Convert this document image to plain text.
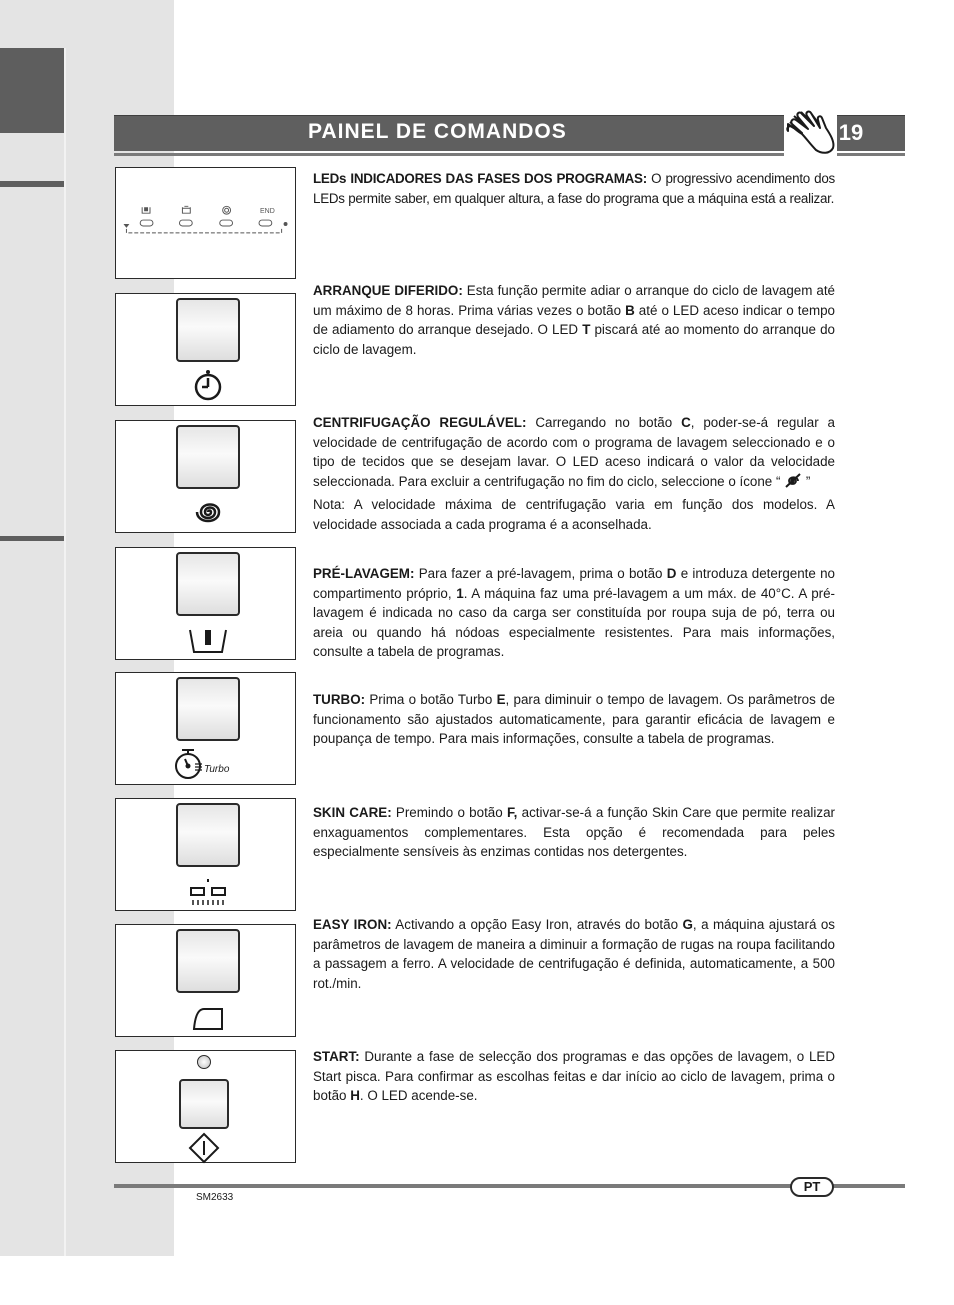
PAINEL DE COMANDOS	19
END
Turbo

LEDs INDICADORES DAS FASES DOS PROGRAMAS: O progressivo acendimento dos LEDs permite saber, em qualquer altura, a fase do programa que a máquina está a realizar.

ARRANQUE DIFERIDO: Esta função permite adiar o arranque do ciclo de lavagem até um máximo de 8 horas. Prima várias vezes o botão B até o LED aceso indicar o tempo de adiamento do arranque desejado. O LED T piscará até ao momento do arranque do ciclo de lavagem.

CENTRIFUGAÇÃO REGULÁVEL: Carregando no botão C, poder-se-á regular a velocidade de centrifugação de acordo com o programa de lavagem seleccionado e o tipo de tecidos que se desejam lavar. O LED aceso indicará o valor da velocidade seleccionada. Para excluir a centrifugação no fim do ciclo, seleccione o ícone “  ”

Nota: A velocidade máxima de centrifugação varia em função dos modelos. A velocidade associada a cada programa é a aconselhada.

PRÉ-LAVAGEM: Para fazer a pré-lavagem, prima o botão D e introduza detergente no compartimento próprio, 1. A máquina faz uma pré-lavagem a um máx. de 40°C. A pré-lavagem é indicada no caso da carga ser constituída por roupa suja de pó, terra ou areia ou quando há nódoas especialmente resistentes. Para mais informações, consulte a tabela de programas.

TURBO: Prima o botão Turbo E, para diminuir o tempo de lavagem. Os parâmetros de funcionamento são ajustados automaticamente, para garantir eficácia de lavagem e poupança de tempo. Para mais informações, consulte a tabela de programas.

SKIN CARE: Premindo o botão F, activar-se-á a função Skin Care que permite realizar enxaguamentos complementares. Esta opção é recomendada para peles especialmente sensíveis às enzimas contidas nos detergentes.

EASY IRON: Activando a opção Easy Iron, através do botão G, a máquina ajustará os parâmetros de lavagem de maneira a diminuir a formação de rugas na roupa facilitando a passagem a ferro. A velocidade de centrifugação é definida, automaticamente, a 500 rot./min.

START: Durante a fase de selecção dos programas e das opções de lavagem, o LED Start pisca. Para confirmar as escolhas feitas e dar início ao ciclo de lavagem, prima o botão H. O LED acende-se.

PT
SM2633
